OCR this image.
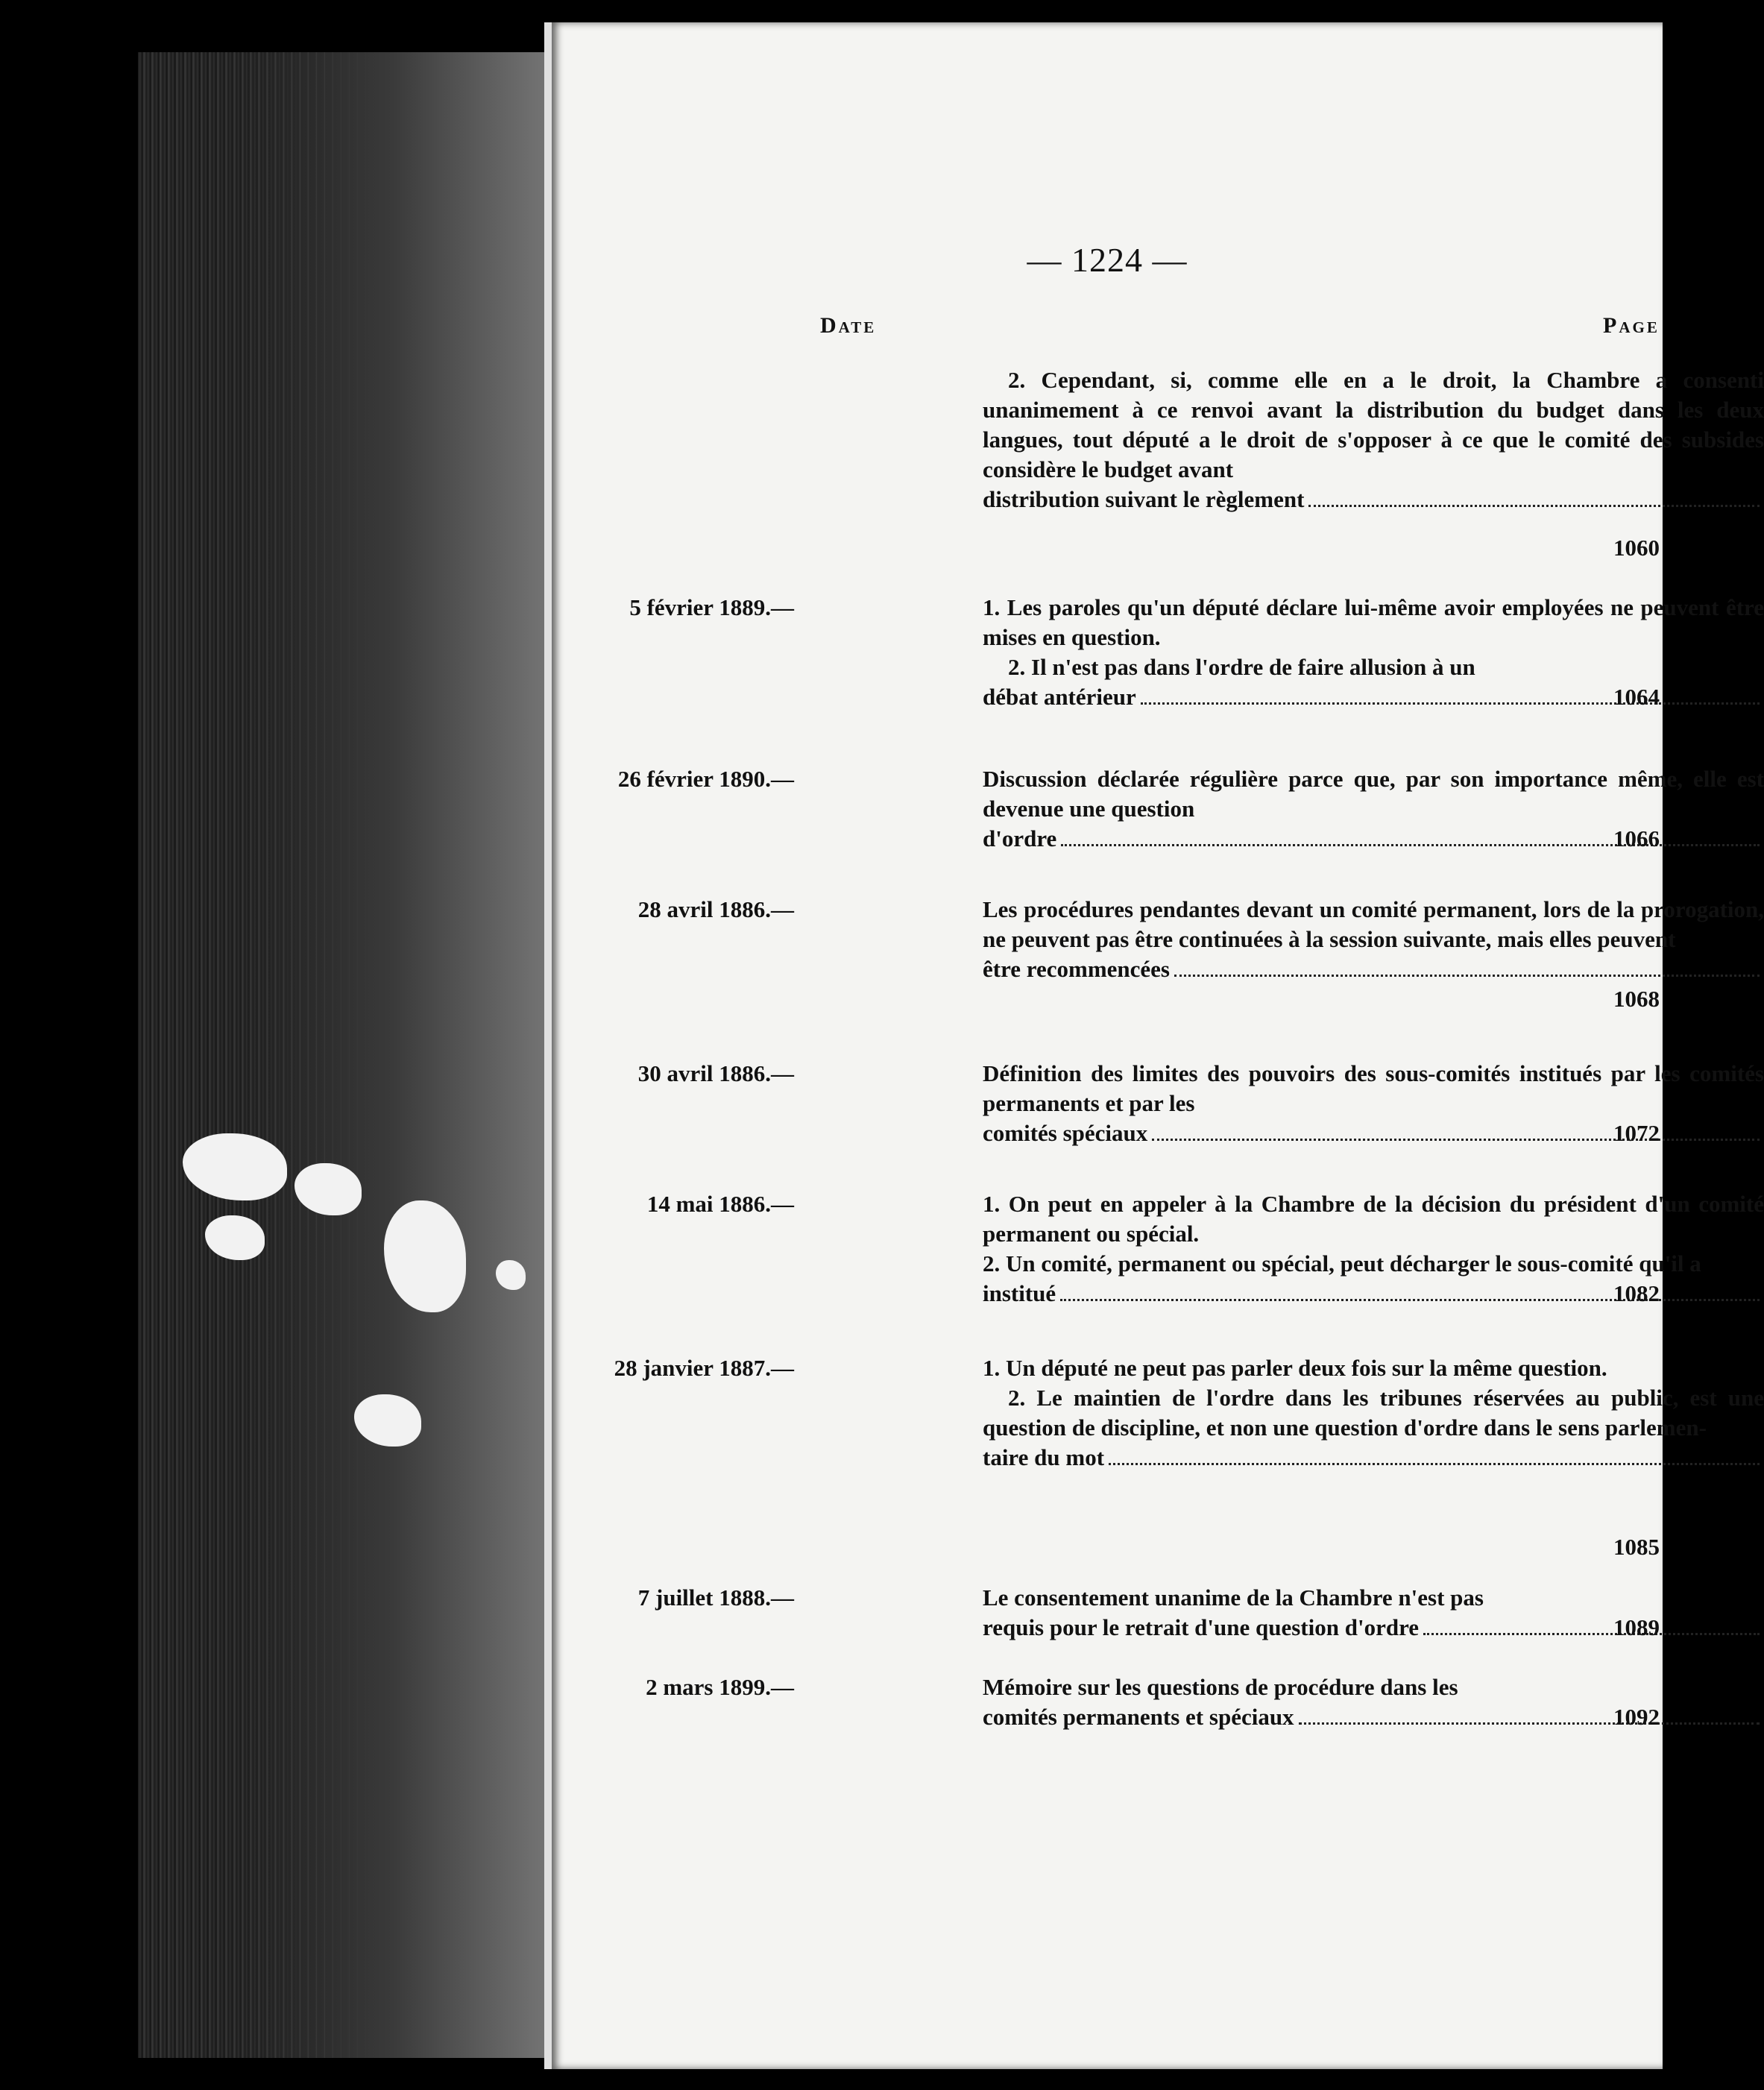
— 1224 —
Date	Page

2. Cependant, si, comme elle en a le droit, la Chambre a consenti unanimement à ce renvoi avant la distribution du budget dans les deux langues, tout député a le droit de s'opposer à ce que le comité des subsides considère le budget avant

distribution suivant le règlement
1060
5 février 1889.—	1. Les paroles qu'un député déclare lui-même avoir employées ne peuvent être mises en question.

2. Il n'est pas dans l'ordre de faire allusion à un

débat antérieur	1064
26 février 1890.—	Discussion déclarée régulière parce que, par son importance même, elle est devenue une question

d'ordre	1066
28 avril 1886.—	Les procédures pendantes devant un comité permanent, lors de la prorogation, ne peuvent pas être continuées à la session suivante, mais elles peuvent

être recommencées
1068
30 avril 1886.—	Définition des limites des pouvoirs des sous-comités institués par les comités permanents et par les

comités spéciaux	1072
14 mai 1886.—	1. On peut en appeler à la Chambre de la décision du président d'un comité permanent ou spécial.

2. Un comité, permanent ou spécial, peut décharger le sous-comité qu'il a

institué	1082
28 janvier 1887.—	1. Un député ne peut pas parler deux fois sur la même question.

2. Le maintien de l'ordre dans les tribunes réservées au public, est une question de discipline, et non une question d'ordre dans le sens parlemen-

taire du mot
1085
7 juillet 1888.—	Le consentement unanime de la Chambre n'est pas

requis pour le retrait d'une question d'ordre	1089
2 mars 1899.—	Mémoire sur les questions de procédure dans les

comités permanents et spéciaux	1092
